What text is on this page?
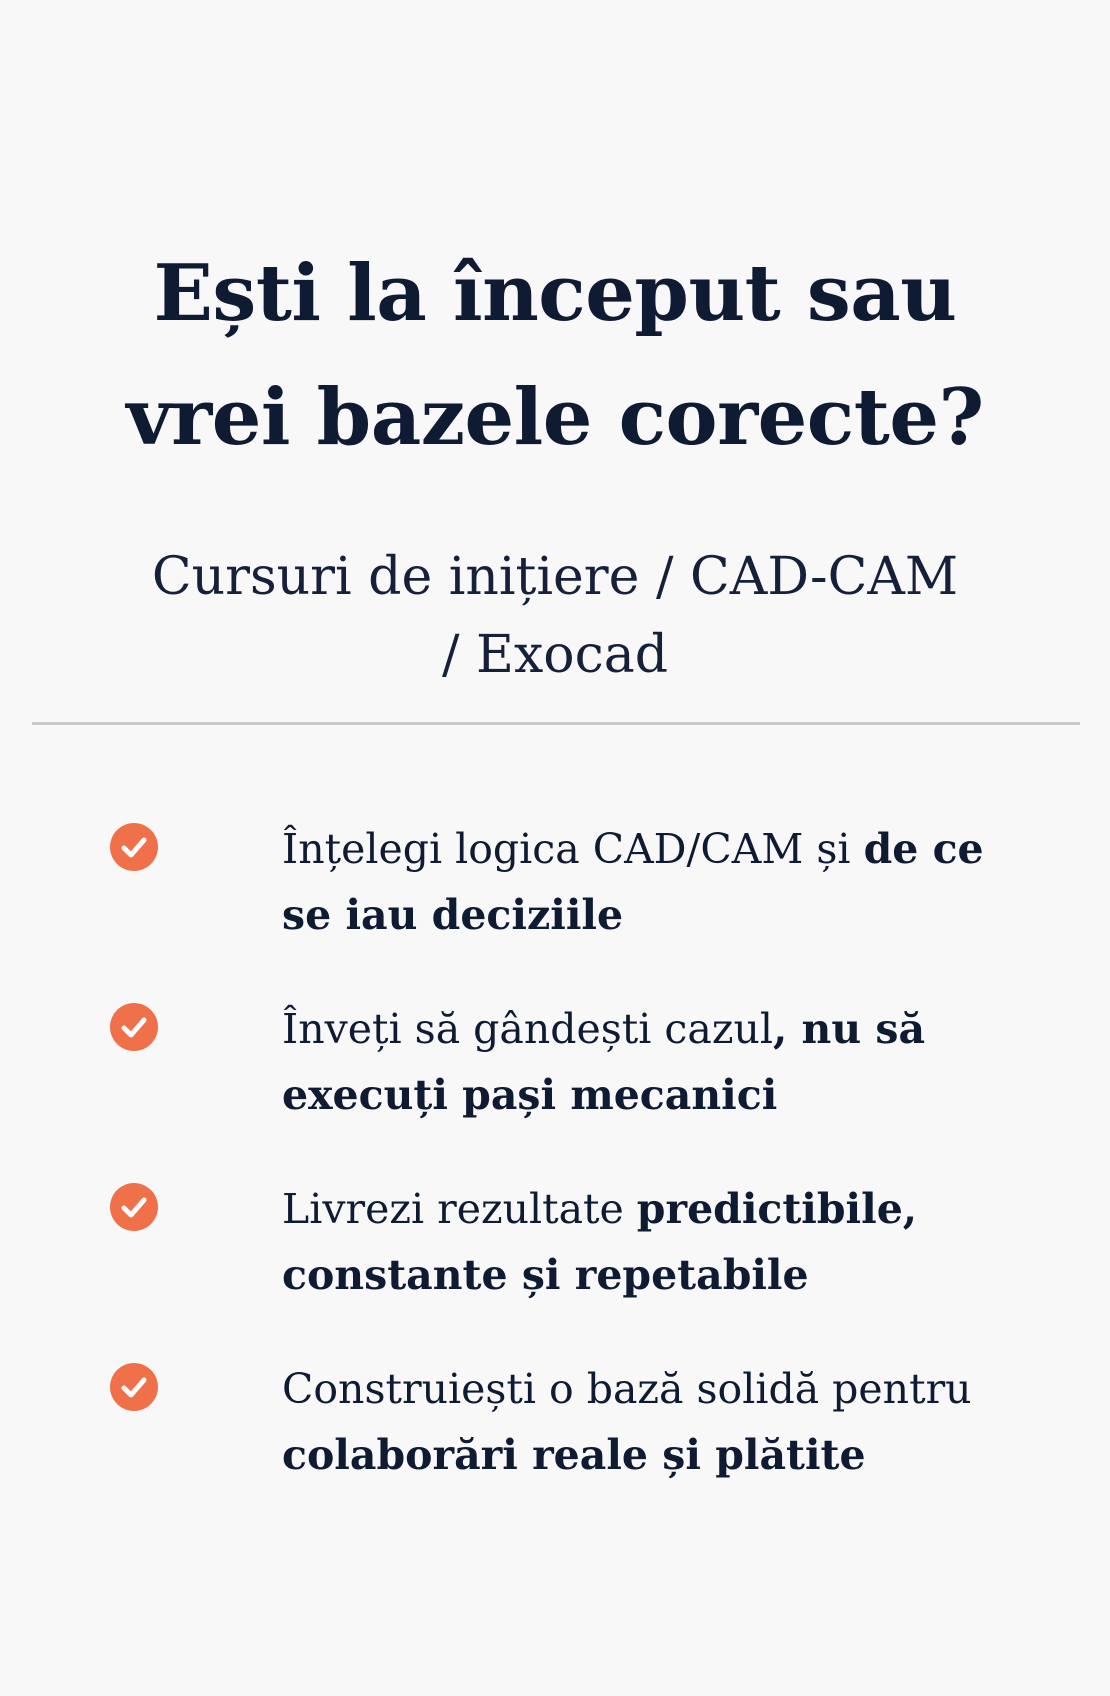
Ești la început sau vrei bazele corecte?

Cursuri de inițiere / CAD-CAM / Exocad

Înțelegi logica CAD/CAM și de ce se iau deciziile

Înveți să gândești cazul, nu să execuți pași mecanici

Livrezi rezultate predictibile, constante și repetabile

Construiești o bază solidă pentru colaborări reale și plătite
